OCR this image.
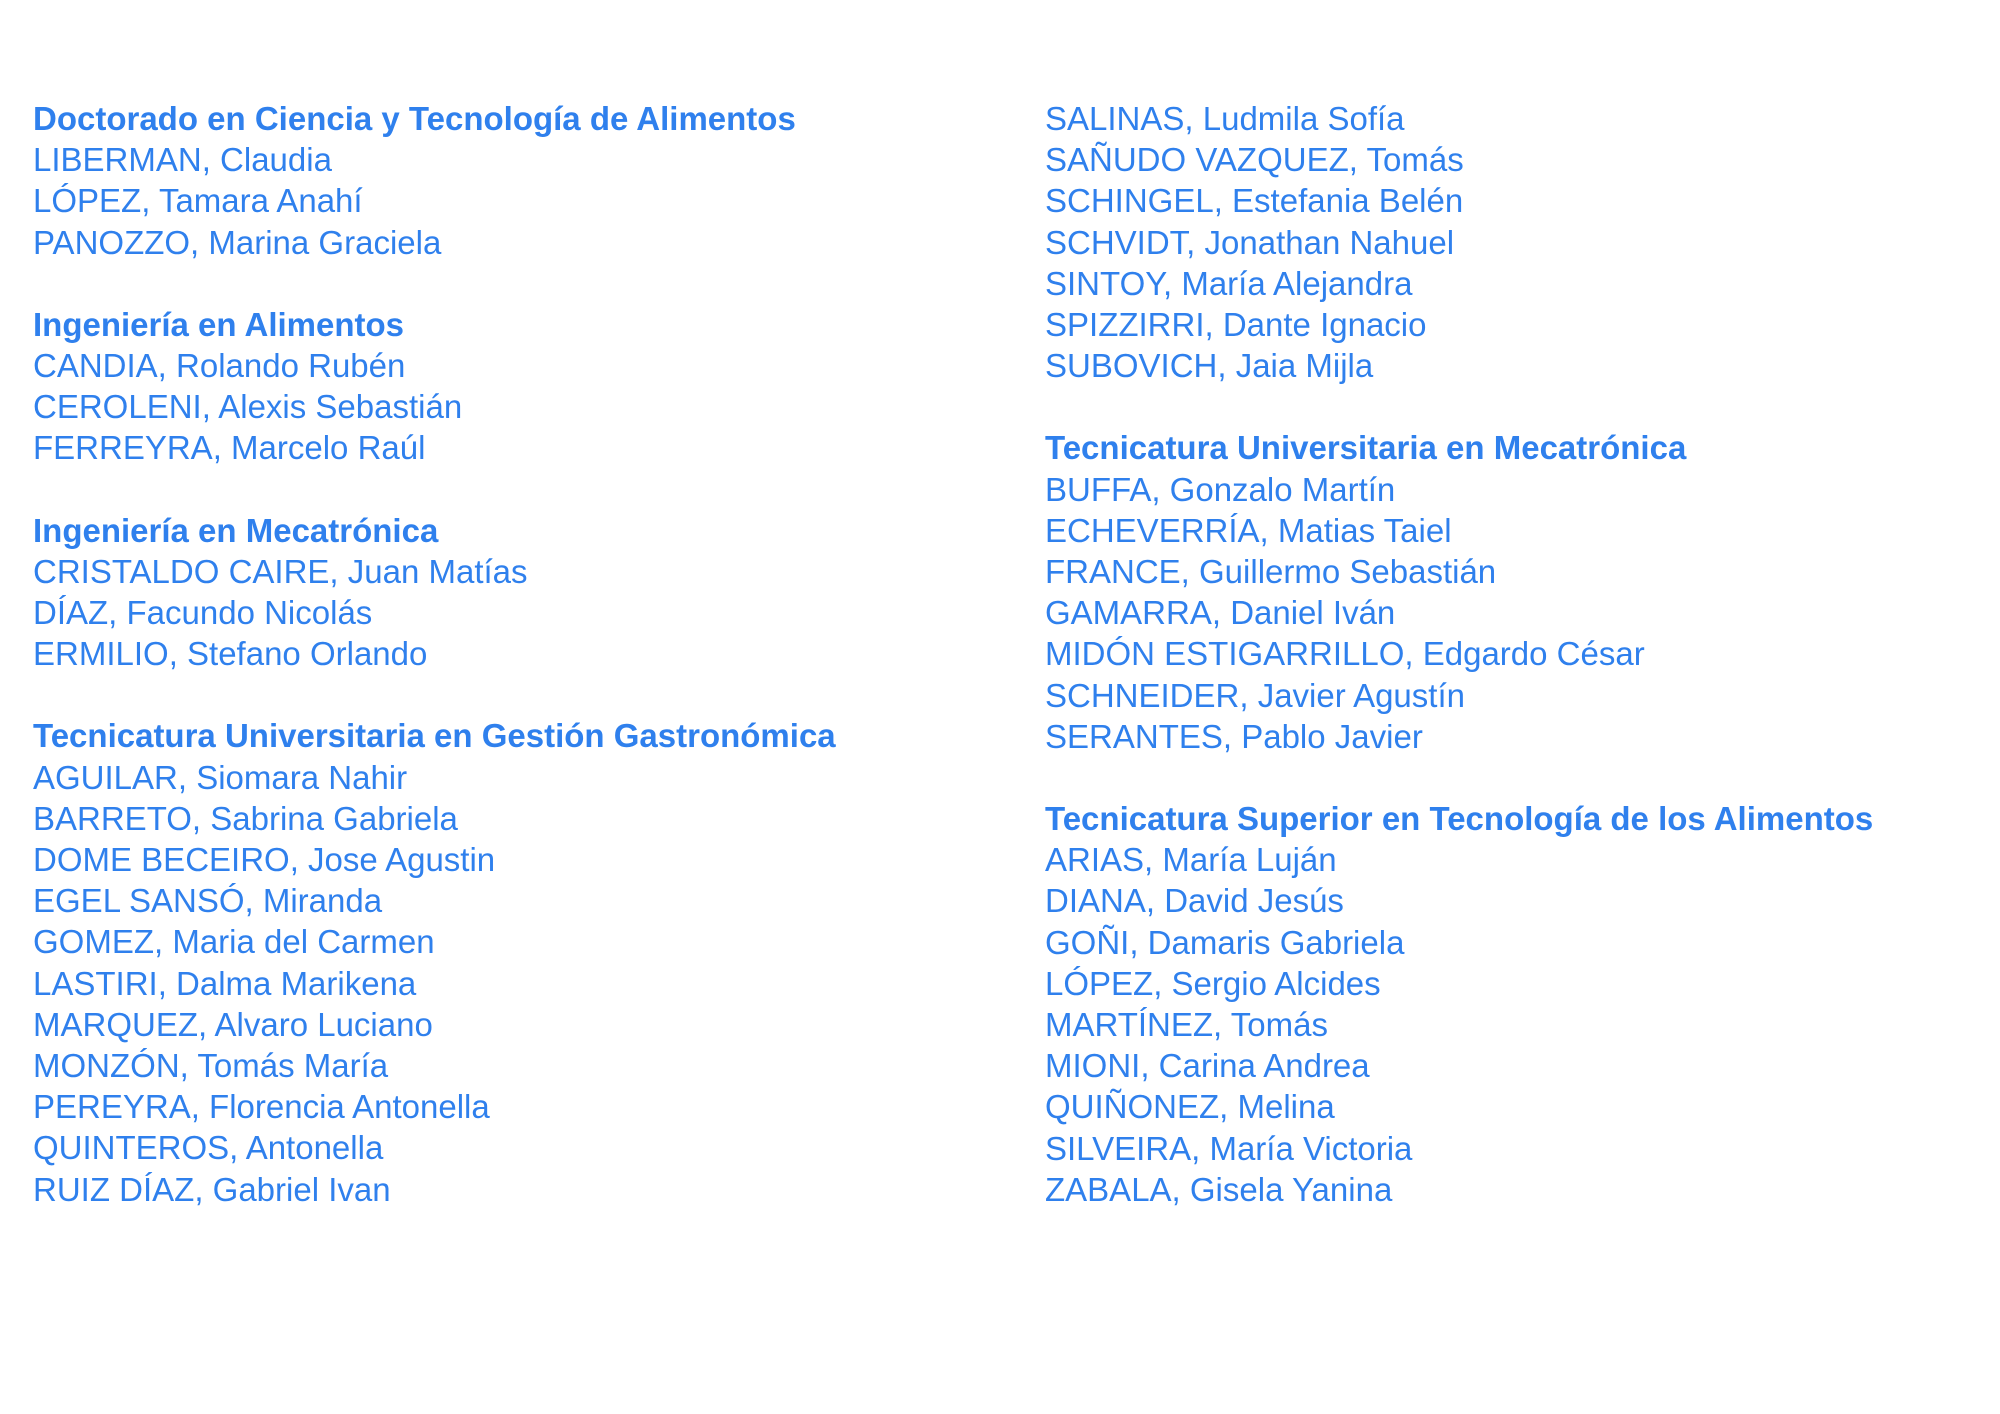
Doctorado en Ciencia y Tecnología de Alimentos
LIBERMAN, Claudia
LÓPEZ, Tamara Anahí
PANOZZO, Marina Graciela
Ingeniería en Alimentos
CANDIA, Rolando Rubén
CEROLENI, Alexis Sebastián
FERREYRA, Marcelo Raúl
Ingeniería en Mecatrónica
CRISTALDO CAIRE, Juan Matías
DÍAZ, Facundo Nicolás
ERMILIO, Stefano Orlando
Tecnicatura Universitaria en Gestión Gastronómica
AGUILAR, Siomara Nahir
BARRETO, Sabrina Gabriela
DOME BECEIRO, Jose Agustin
EGEL SANSÓ, Miranda
GOMEZ, Maria del Carmen
LASTIRI, Dalma Marikena
MARQUEZ, Alvaro Luciano
MONZÓN, Tomás María
PEREYRA, Florencia Antonella
QUINTEROS, Antonella
RUIZ DÍAZ, Gabriel Ivan
SALINAS, Ludmila Sofía
SAÑUDO VAZQUEZ, Tomás
SCHINGEL, Estefania Belén
SCHVIDT, Jonathan Nahuel
SINTOY, María Alejandra
SPIZZIRRI, Dante Ignacio
SUBOVICH, Jaia Mijla
Tecnicatura Universitaria en Mecatrónica
BUFFA, Gonzalo Martín
ECHEVERRÍA, Matias Taiel
FRANCE, Guillermo Sebastián
GAMARRA, Daniel Iván
MIDÓN ESTIGARRILLO, Edgardo César
SCHNEIDER, Javier Agustín
SERANTES, Pablo Javier
Tecnicatura Superior en Tecnología de los Alimentos
ARIAS, María Luján
DIANA, David Jesús
GOÑI, Damaris Gabriela
LÓPEZ, Sergio Alcides
MARTÍNEZ, Tomás
MIONI, Carina Andrea
QUIÑONEZ, Melina
SILVEIRA, María Victoria
ZABALA, Gisela Yanina
